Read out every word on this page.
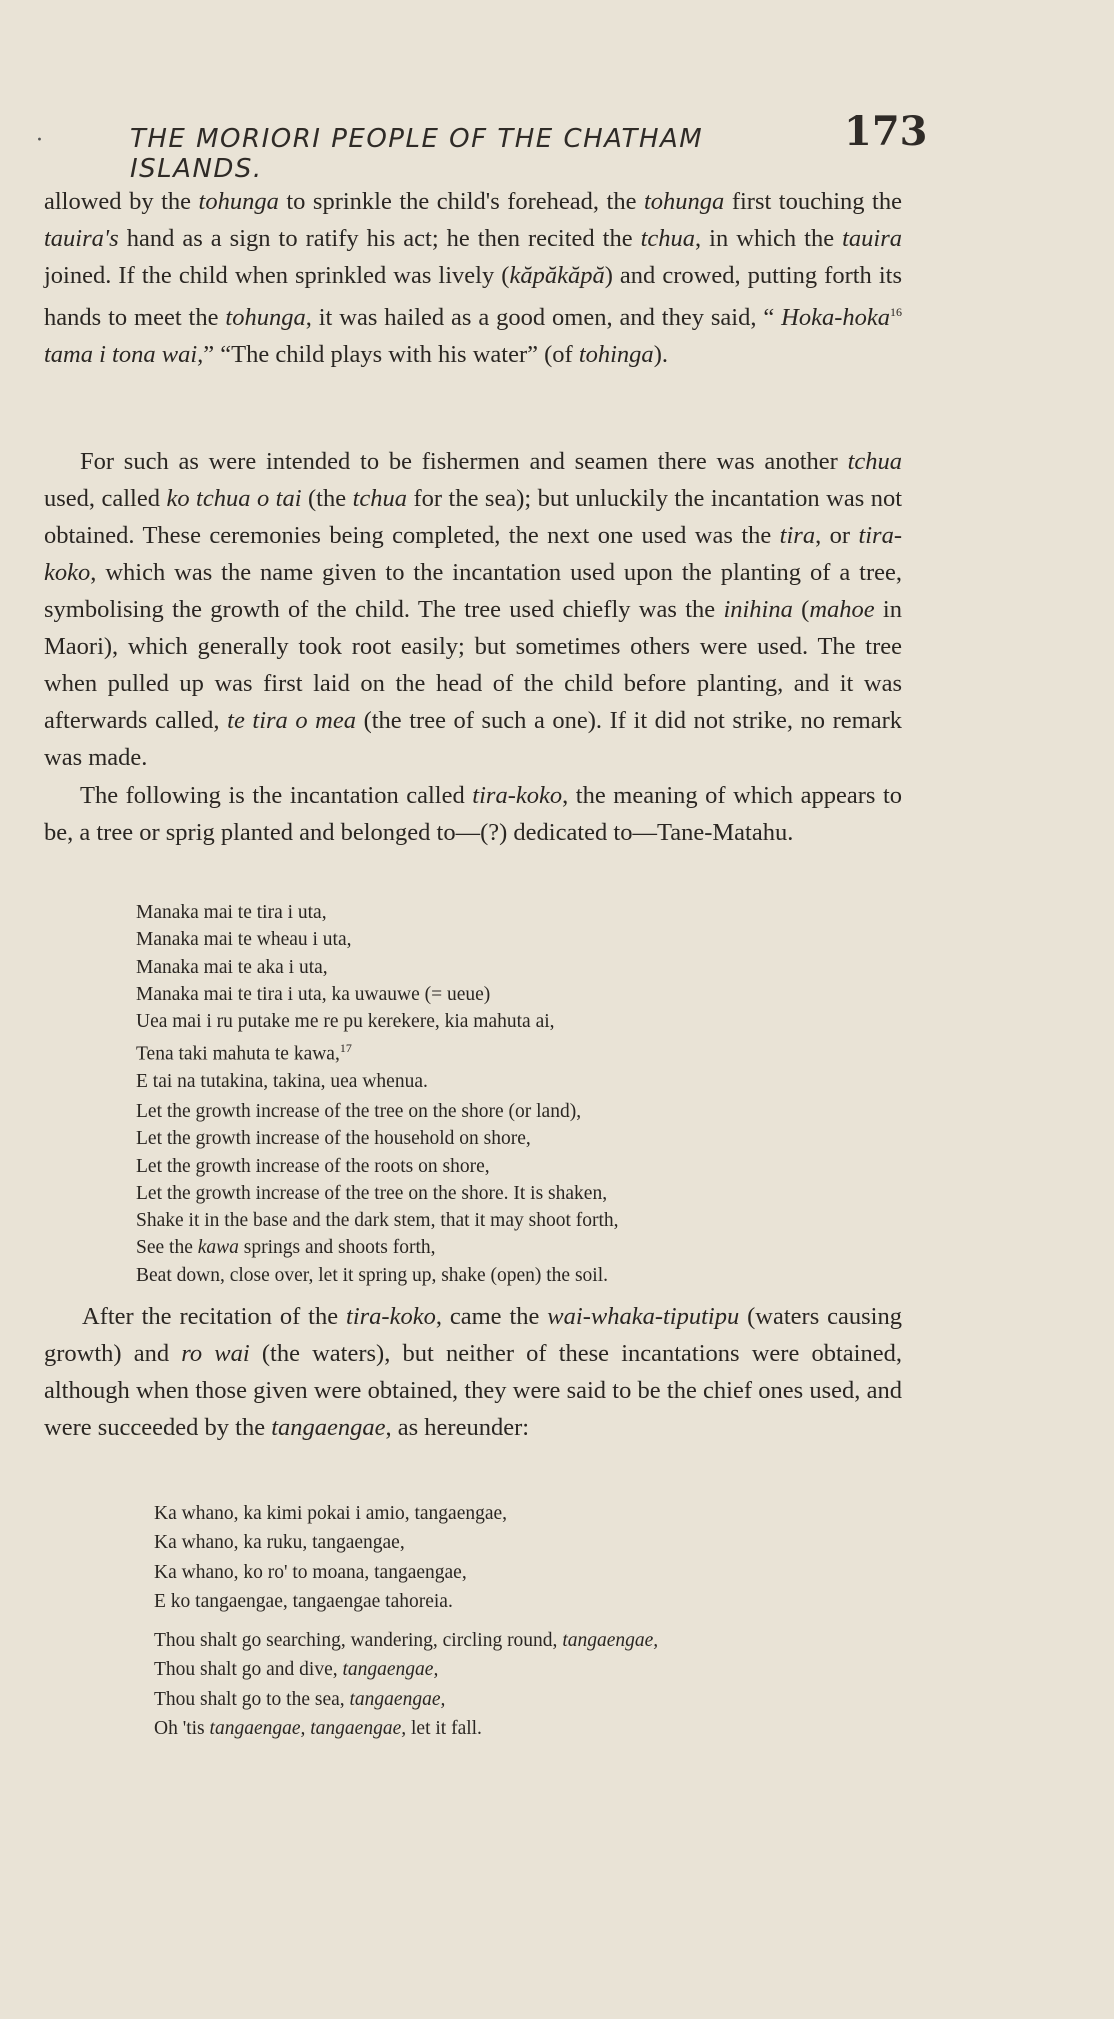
·	THE MORIORI PEOPLE OF THE CHATHAM ISLANDS.
173

allowed by the tohunga to sprinkle the child's forehead, the tohunga first touching the tauira's hand as a sign to ratify his act; he then recited the tchua, in which the tauira joined. If the child when sprinkled was lively (kăpăkăpă) and crowed, putting forth its hands to meet the tohunga, it was hailed as a good omen, and they said, “ Hoka-hoka$^{16}$ tama i tona wai,” “The child plays with his water” (of tohinga).

For such as were intended to be fishermen and seamen there was another tchua used, called ko tchua o tai (the tchua for the sea); but unluckily the incantation was not obtained. These ceremonies being completed, the next one used was the tira, or tira-koko, which was the name given to the incantation used upon the planting of a tree, symbolising the growth of the child. The tree used chiefly was the inihina (mahoe in Maori), which generally took root easily; but sometimes others were used. The tree when pulled up was first laid on the head of the child before planting, and it was afterwards called, te tira o mea (the tree of such a one). If it did not strike, no remark was made.

The following is the incantation called tira-koko, the meaning of which appears to be, a tree or sprig planted and belonged to—(?) dedicated to—Tane-Matahu.

Manaka mai te tira i uta,
Manaka mai te wheau i uta,
Manaka mai te aka i uta,
Manaka mai te tira i uta, ka uwauwe (= ueue)
Uea mai i ru putake me re pu kerekere, kia mahuta ai,
Tena taki mahuta te kawa,$^{17}$
E tai na tutakina, takina, uea whenua.
Let the growth increase of the tree on the shore (or land),
Let the growth increase of the household on shore,
Let the growth increase of the roots on shore,
Let the growth increase of the tree on the shore. It is shaken,
Shake it in the base and the dark stem, that it may shoot forth,
See the kawa springs and shoots forth,
Beat down, close over, let it spring up, shake (open) the soil.

After the recitation of the tira-koko, came the wai-whaka-tiputipu (waters causing growth) and ro wai (the waters), but neither of these incantations were obtained, although when those given were obtained, they were said to be the chief ones used, and were succeeded by the tangaengae, as hereunder:

Ka whano, ka kimi pokai i amio, tangaengae,
Ka whano, ka ruku, tangaengae,
Ka whano, ko ro' to moana, tangaengae,
E ko tangaengae, tangaengae tahoreia.
Thou shalt go searching, wandering, circling round, tangaengae,
Thou shalt go and dive, tangaengae,
Thou shalt go to the sea, tangaengae,
Oh 'tis tangaengae, tangaengae, let it fall.
